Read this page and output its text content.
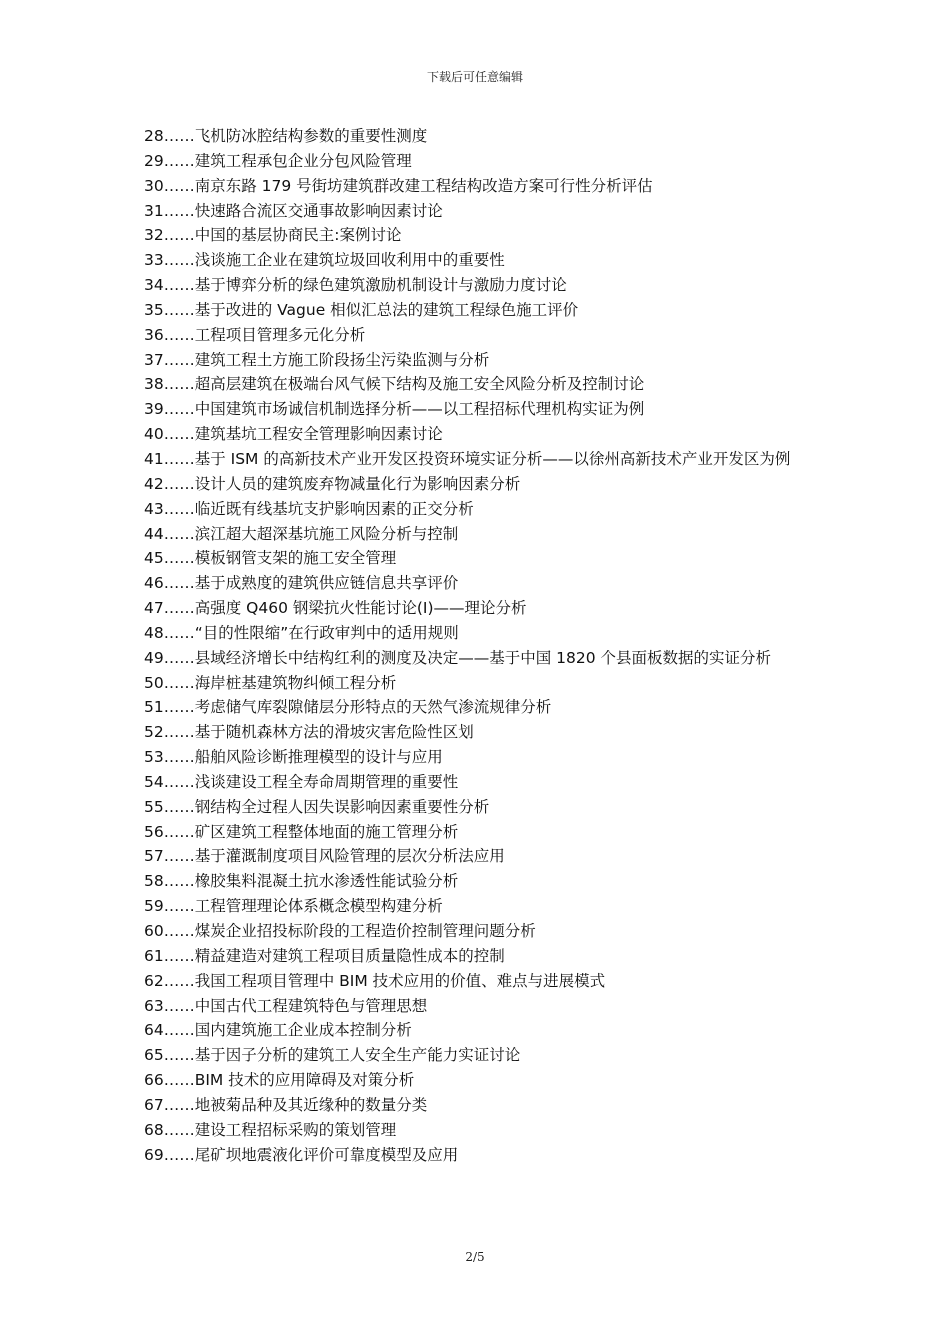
下载后可任意编辑
28……飞机防冰腔结构参数的重要性测度
29……建筑工程承包企业分包风险管理
30……南京东路 179 号街坊建筑群改建工程结构改造方案可行性分析评估
31……快速路合流区交通事故影响因素讨论
32……中国的基层协商民主:案例讨论
33……浅谈施工企业在建筑垃圾回收利用中的重要性
34……基于博弈分析的绿色建筑激励机制设计与激励力度讨论
35……基于改进的 Vague 相似汇总法的建筑工程绿色施工评价
36……工程项目管理多元化分析
37……建筑工程土方施工阶段扬尘污染监测与分析
38……超高层建筑在极端台风气候下结构及施工安全风险分析及控制讨论
39……中国建筑市场诚信机制选择分析——以工程招标代理机构实证为例
40……建筑基坑工程安全管理影响因素讨论
41……基于 ISM 的高新技术产业开发区投资环境实证分析——以徐州高新技术产业开发区为例
42……设计人员的建筑废弃物减量化行为影响因素分析
43……临近既有线基坑支护影响因素的正交分析
44……滨江超大超深基坑施工风险分析与控制
45……模板钢管支架的施工安全管理
46……基于成熟度的建筑供应链信息共享评价
47……高强度 Q460 钢梁抗火性能讨论(I)——理论分析
48……“目的性限缩”在行政审判中的适用规则
49……县域经济增长中结构红利的测度及决定——基于中国 1820 个县面板数据的实证分析
50……海岸桩基建筑物纠倾工程分析
51……考虑储气库裂隙储层分形特点的天然气渗流规律分析
52……基于随机森林方法的滑坡灾害危险性区划
53……船舶风险诊断推理模型的设计与应用
54……浅谈建设工程全寿命周期管理的重要性
55……钢结构全过程人因失误影响因素重要性分析
56……矿区建筑工程整体地面的施工管理分析
57……基于灌溉制度项目风险管理的层次分析法应用
58……橡胶集料混凝土抗水渗透性能试验分析
59……工程管理理论体系概念模型构建分析
60……煤炭企业招投标阶段的工程造价控制管理问题分析
61……精益建造对建筑工程项目质量隐性成本的控制
62……我国工程项目管理中 BIM 技术应用的价值、难点与进展模式
63……中国古代工程建筑特色与管理思想
64……国内建筑施工企业成本控制分析
65……基于因子分析的建筑工人安全生产能力实证讨论
66……BIM 技术的应用障碍及对策分析
67……地被菊品种及其近缘种的数量分类
68……建设工程招标采购的策划管理
69……尾矿坝地震液化评价可靠度模型及应用
2/5
